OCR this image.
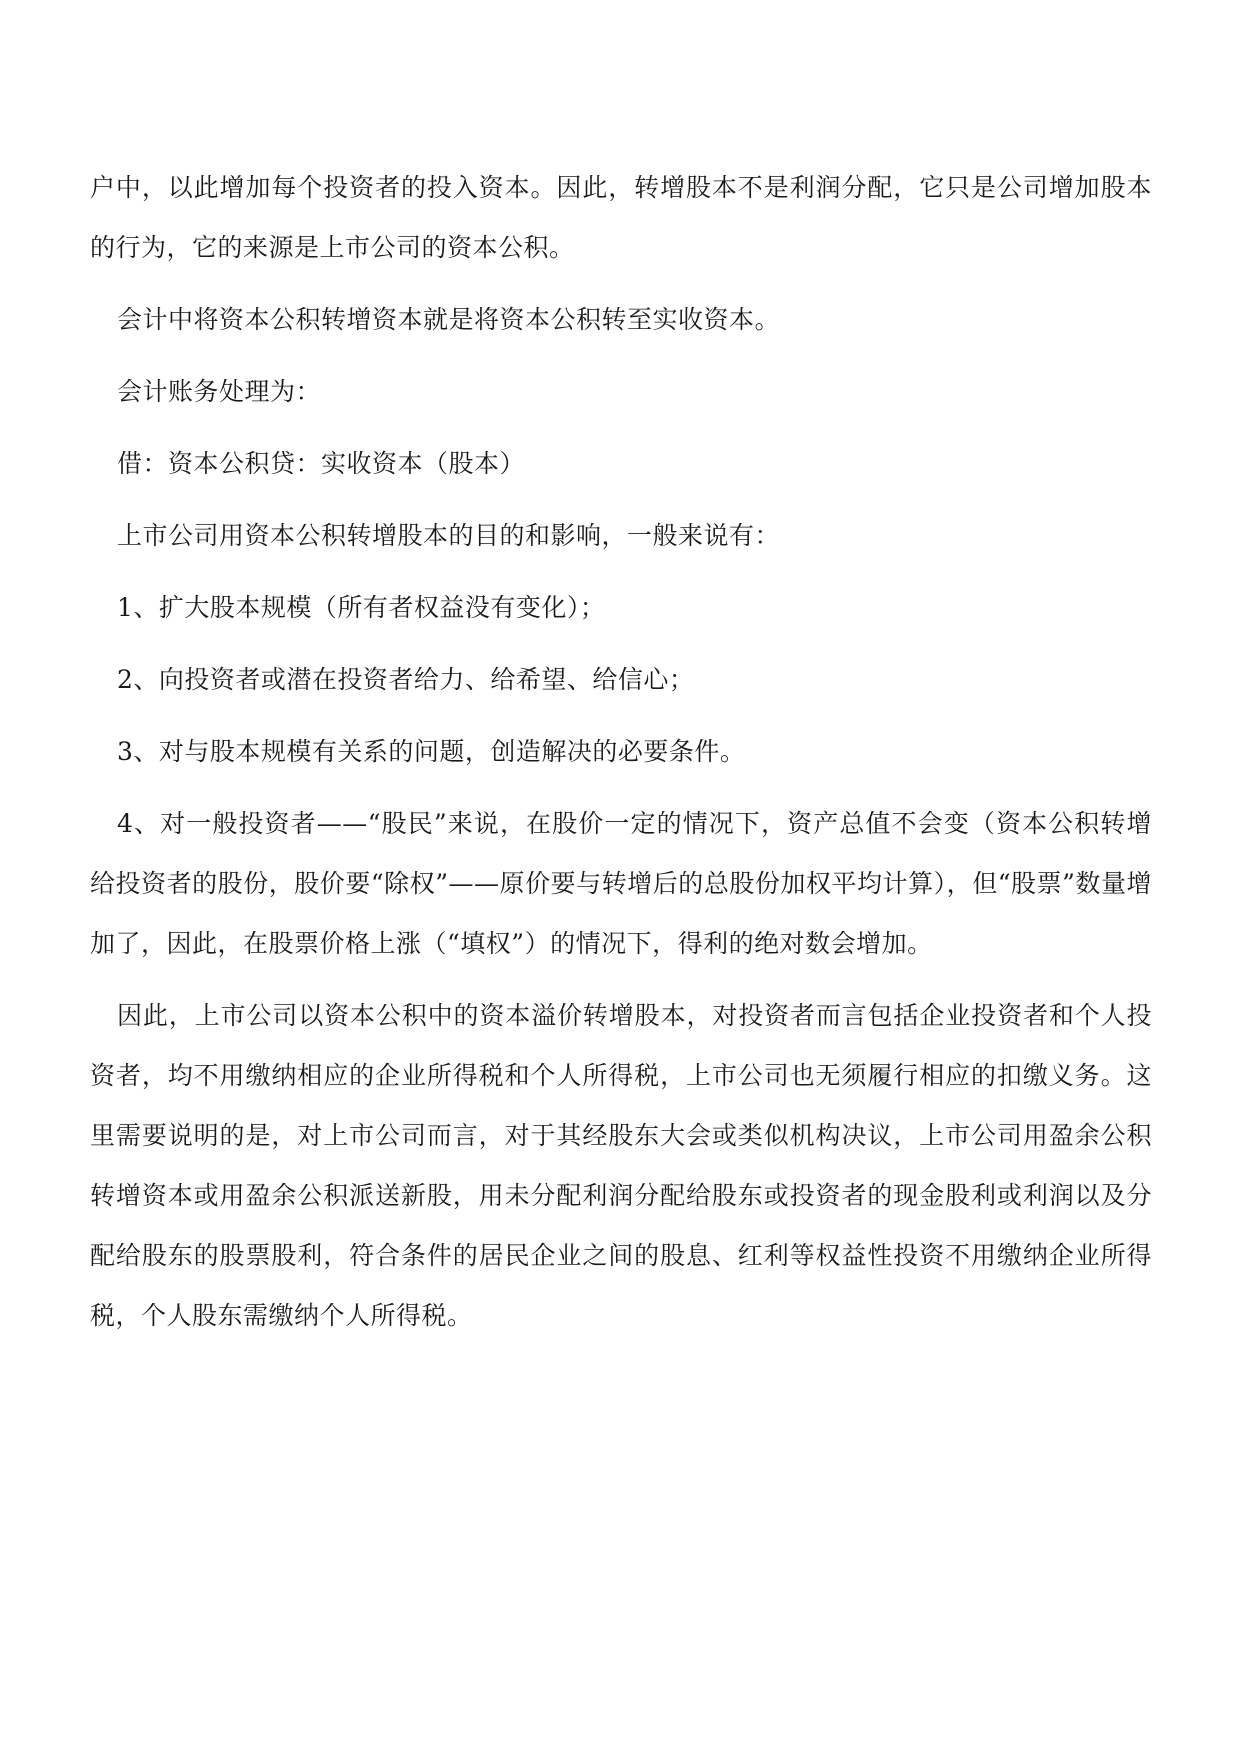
户中，以此增加每个投资者的投入资本。因此，转增股本不是利润分配，它只是公司增加股本的行为，它的来源是上市公司的资本公积。

会计中将资本公积转增资本就是将资本公积转至实收资本。

会计账务处理为：

借：资本公积贷：实收资本（股本）

上市公司用资本公积转增股本的目的和影响，一般来说有：

1、扩大股本规模（所有者权益没有变化）；

2、向投资者或潜在投资者给力、给希望、给信心；

3、对与股本规模有关系的问题，创造解决的必要条件。

4、对一般投资者——“股民”来说，在股价一定的情况下，资产总值不会变（资本公积转增给投资者的股份，股价要“除权”——原价要与转增后的总股份加权平均计算），但“股票”数量增加了，因此，在股票价格上涨（“填权”）的情况下，得利的绝对数会增加。

因此，上市公司以资本公积中的资本溢价转增股本，对投资者而言包括企业投资者和个人投资者，均不用缴纳相应的企业所得税和个人所得税，上市公司也无须履行相应的扣缴义务。这里需要说明的是，对上市公司而言，对于其经股东大会或类似机构决议，上市公司用盈余公积转增资本或用盈余公积派送新股，用未分配利润分配给股东或投资者的现金股利或利润以及分配给股东的股票股利，符合条件的居民企业之间的股息、红利等权益性投资不用缴纳企业所得税，个人股东需缴纳个人所得税。
